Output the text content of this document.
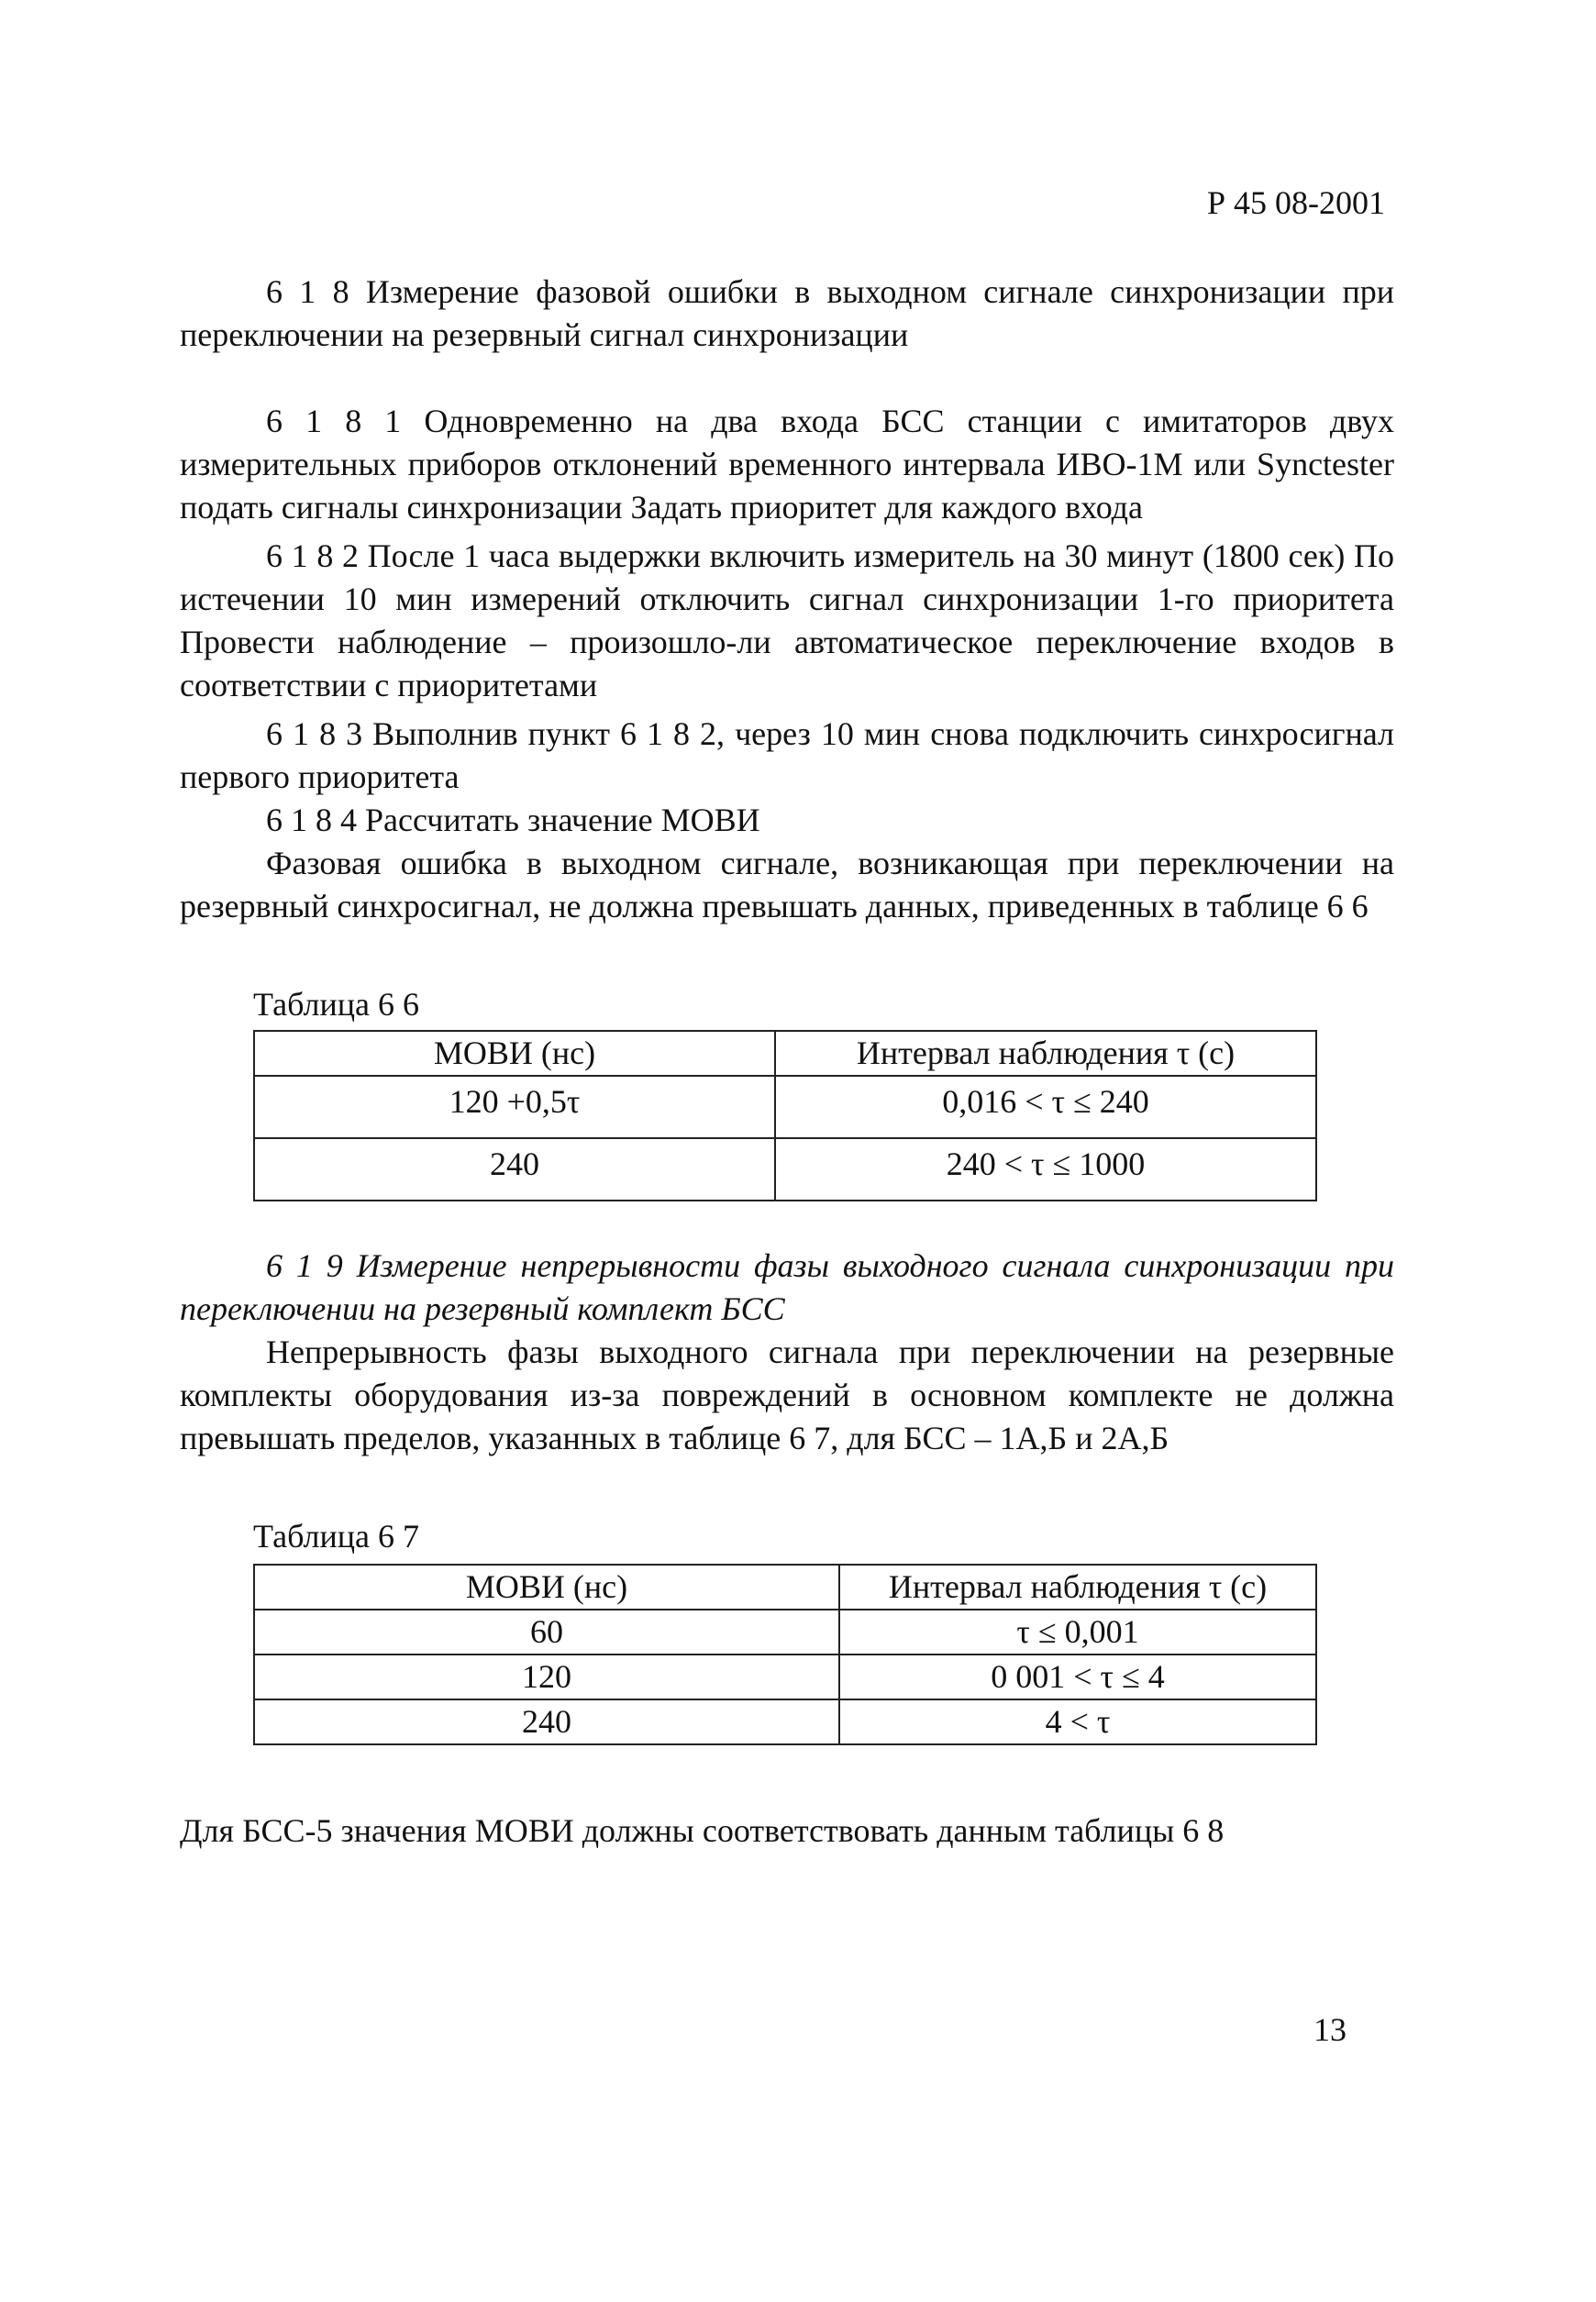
Р 45 08-2001

6 1 8 Измерение фазовой ошибки в выходном сигнале синхронизации при переключении на резервный сигнал синхронизации

6 1 8 1 Одновременно на два входа БСС станции с имитаторов двух измерительных приборов отклонений временного интервала ИВО-1М или Synctester подать сигналы синхронизации Задать приоритет для каждого входа

6 1 8 2 После 1 часа выдержки включить измеритель на 30 минут (1800 сек) По истечении 10 мин измерений отключить сигнал синхронизации 1-го приоритета Провести наблюдение – произошло-ли автоматическое переключение входов в соответствии с приоритетами

6 1 8 3 Выполнив пункт 6 1 8 2, через 10 мин снова подключить синхросигнал первого приоритета

6 1 8 4 Рассчитать значение МОВИ

Фазовая ошибка в выходном сигнале, возникающая при переключении на резервный синхросигнал, не должна превышать данных, приведенных в таблице 6 6

Таблица 6 6
МОВИ (нс)	Интервал наблюдения τ (с)
120 +0,5τ	0,016 < τ ≤ 240
240	240 < τ ≤ 1000

6 1 9 Измерение непрерывности фазы выходного сигнала синхронизации при переключении на резервный комплект БСС

Непрерывность фазы выходного сигнала при переключении на резервные комплекты оборудования из-за повреждений в основном комплекте не должна превышать пределов, указанных в таблице 6 7, для БСС – 1А,Б и 2А,Б

Таблица 6 7
МОВИ (нс)	Интервал наблюдения τ (с)
60	τ ≤ 0,001
120	0 001 < τ ≤ 4
240	4 < τ

Для БСС-5 значения МОВИ должны соответствовать данным таблицы 6 8

13
